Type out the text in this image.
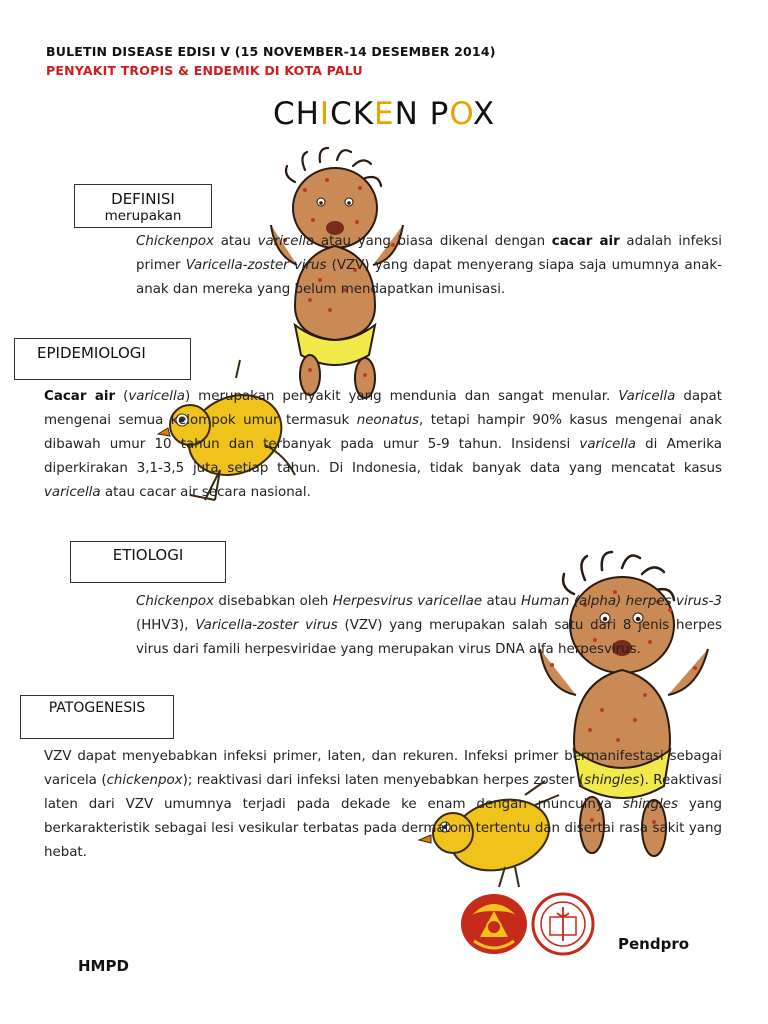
BULETIN DISEASE EDISI V (15 NOVEMBER-14 DESEMBER 2014)
PENYAKIT TROPIS & ENDEMIK DI KOTA PALU
CHICKEN POX
DEFINISI
merupakan
Chickenpox atau varicella atau yang biasa dikenal dengan cacar air adalah infeksi primer Varicella-zoster virus (VZV) yang dapat menyerang siapa saja umumnya anak-anak dan mereka yang belum mendapatkan imunisasi.
EPIDEMIOLOGI
Cacar air (varicella) merupakan penyakit yang mendunia dan sangat menular. Varicella dapat mengenai semua kelompok umur termasuk neonatus, tetapi hampir 90% kasus mengenai anak dibawah umur 10 tahun dan terbanyak pada umur 5-9 tahun. Insidensi varicella di Amerika diperkirakan 3,1-3,5 juta setiap tahun. Di Indonesia, tidak banyak data yang mencatat kasus varicella atau cacar air secara nasional.
ETIOLOGI
Chickenpox disebabkan oleh Herpesvirus varicellae atau Human (alpha) herpes virus-3 (HHV3), Varicella-zoster virus (VZV) yang merupakan salah satu dari 8 jenis herpes virus dari famili herpesviridae yang merupakan virus DNA alfa herpesvirus.
PATOGENESIS
VZV dapat menyebabkan infeksi primer, laten, dan rekuren. Infeksi primer bermanifestasi sebagai varicela (chickenpox); reaktivasi dari infeksi laten menyebabkan herpes zoster (shingles). Reaktivasi laten dari VZV umumnya terjadi pada dekade ke enam dengan munculnya shingles yang berkarakteristik sebagai lesi vesikular terbatas pada dermatom tertentu dan disertai rasa sakit yang hebat.
HMPD
Pendpro
